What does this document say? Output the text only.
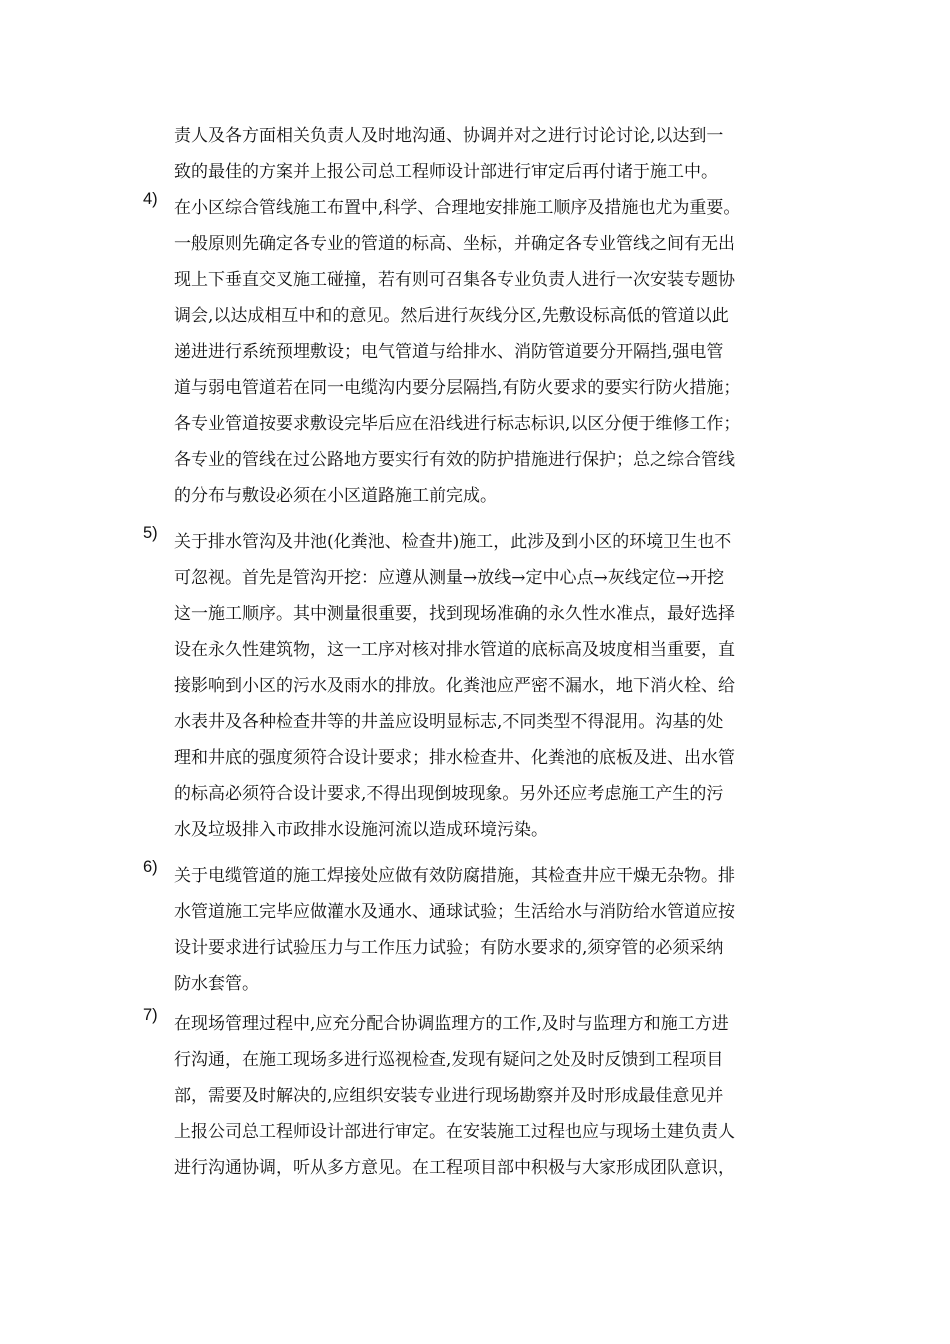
责人及各方面相关负责人及时地沟通、协调并对之进行讨论讨论,以达到一
致的最佳的方案并上报公司总工程师设计部进行审定后再付诸于施工中。
4) 在小区综合管线施工布置中,科学、合理地安排施工顺序及措施也尤为重要。
一般原则先确定各专业的管道的标高、坐标，并确定各专业管线之间有无出
现上下垂直交叉施工碰撞，若有则可召集各专业负责人进行一次安装专题协
调会,以达成相互中和的意见。然后进行灰线分区,先敷设标高低的管道以此
递进进行系统预埋敷设；电气管道与给排水、消防管道要分开隔挡,强电管
道与弱电管道若在同一电缆沟内要分层隔挡,有防火要求的要实行防火措施；
各专业管道按要求敷设完毕后应在沿线进行标志标识,以区分便于维修工作；
各专业的管线在过公路地方要实行有效的防护措施进行保护；总之综合管线
的分布与敷设必须在小区道路施工前完成。
5) 关于排水管沟及井池(化粪池、检查井)施工，此涉及到小区的环境卫生也不
可忽视。首先是管沟开挖：应遵从测量→放线→定中心点→灰线定位→开挖
这一施工顺序。其中测量很重要，找到现场准确的永久性水准点，最好选择
设在永久性建筑物，这一工序对核对排水管道的底标高及坡度相当重要，直
接影响到小区的污水及雨水的排放。化粪池应严密不漏水，地下消火栓、给
水表井及各种检查井等的井盖应设明显标志,不同类型不得混用。沟基的处
理和井底的强度须符合设计要求；排水检查井、化粪池的底板及进、出水管
的标高必须符合设计要求,不得出现倒坡现象。另外还应考虑施工产生的污
水及垃圾排入市政排水设施河流以造成环境污染。
6) 关于电缆管道的施工焊接处应做有效防腐措施，其检查井应干燥无杂物。排
水管道施工完毕应做灌水及通水、通球试验；生活给水与消防给水管道应按
设计要求进行试验压力与工作压力试验；有防水要求的,须穿管的必须采纳
防水套管。
7) 在现场管理过程中,应充分配合协调监理方的工作,及时与监理方和施工方进
行沟通，在施工现场多进行巡视检查,发现有疑问之处及时反馈到工程项目
部，需要及时解决的,应组织安装专业进行现场勘察并及时形成最佳意见并
上报公司总工程师设计部进行审定。在安装施工过程也应与现场土建负责人
进行沟通协调，听从多方意见。在工程项目部中积极与大家形成团队意识，
